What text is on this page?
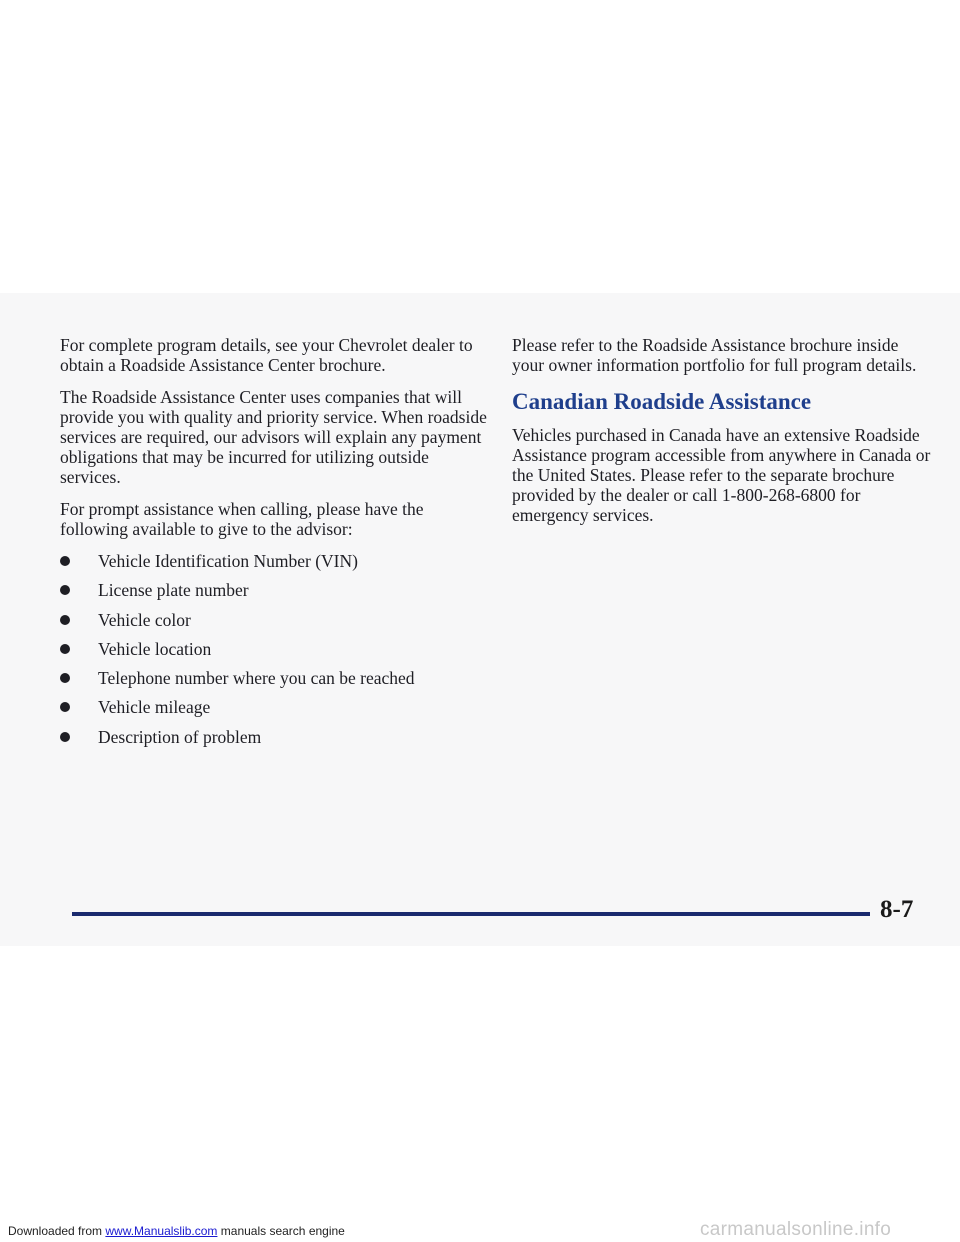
For complete program details, see your Chevrolet dealer to obtain a Roadside Assistance Center brochure.

The Roadside Assistance Center uses companies that will provide you with quality and priority service. When roadside services are required, our advisors will explain any payment obligations that may be incurred for utilizing outside services.

For prompt assistance when calling, please have the following available to give to the advisor:

Vehicle Identification Number (VIN)
License plate number
Vehicle color
Vehicle location
Telephone number where you can be reached
Vehicle mileage
Description of problem

Please refer to the Roadside Assistance brochure inside your owner information portfolio for full program details.

Canadian Roadside Assistance

Vehicles purchased in Canada have an extensive Roadside Assistance program accessible from anywhere in Canada or the United States. Please refer to the separate brochure provided by the dealer or call 1-800-268-6800 for emergency services.

8-7
Downloaded from www.Manualslib.com manuals search engine	carmanualsonline.info
